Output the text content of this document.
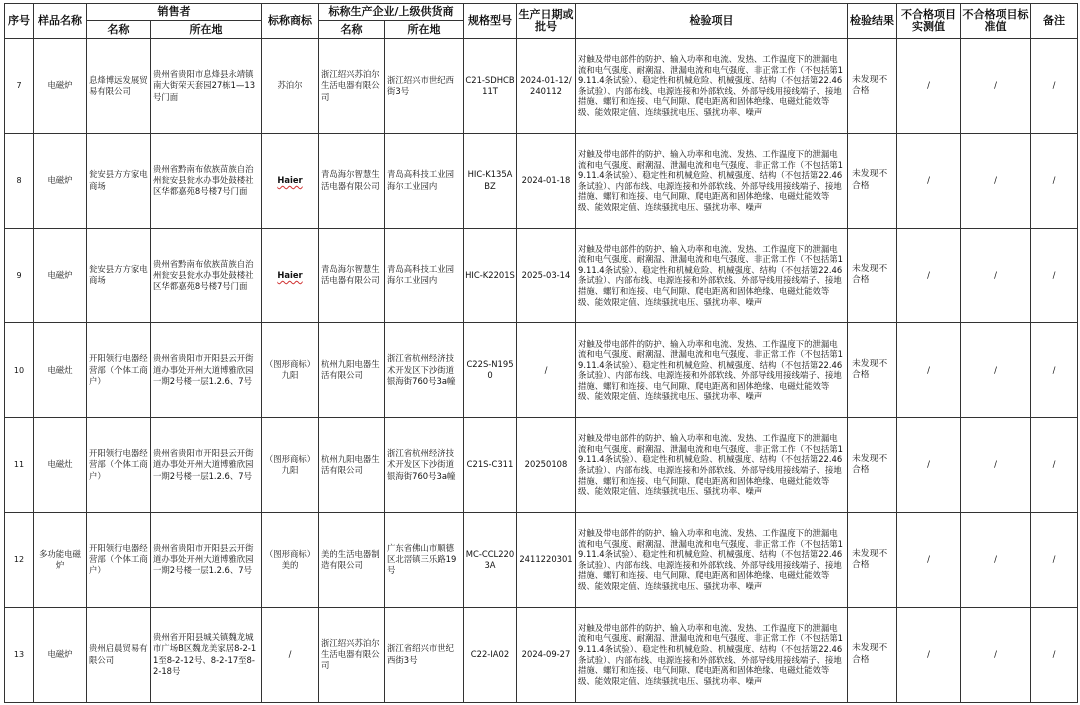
序号	样品名称	销售者		标称商标	标称生产企业/上级供货商		规格型号	生产日期或批号	检验项目	检验结果	不合格项目实测值	不合格项目标准值	备注
		名称	所在地		名称	所在地							
7	电磁炉	息烽博远发展贸易有限公司	贵州省贵阳市息烽县永靖镇南大街荣天套园27栋1—13号门面	苏泊尔	浙江绍兴苏泊尔生活电器有限公司	浙江绍兴市世纪西街3号	C21-SDHCB11T	2024-01-12/240112	对触及带电部件的防护、输入功率和电流、发热、工作温度下的泄漏电流和电气强度、耐潮湿、泄漏电流和电气强度、非正常工作（不包括第19.11.4条试验）、稳定性和机械危险、机械强度、结构（不包括第22.46条试验）、内部布线、电源连接和外部软线、外部导线用接线端子、接地措施、螺钉和连接、电气间隙、爬电距离和固体绝缘、电磁灶能效等级、能效限定值、连续骚扰电压、骚扰功率、噪声	未发现不合格	/	/	/
8	电磁炉	瓮安县方方家电商场	贵州省黔南布依族苗族自治州瓮安县瓮水办事处鼓楼社区华都嘉苑8号楼7号门面	Haier	青岛海尔智慧生活电器有限公司	青岛高科技工业园海尔工业园内	HIC-K135ABZ	2024-01-18	对触及带电部件的防护、输入功率和电流、发热、工作温度下的泄漏电流和电气强度、耐潮湿、泄漏电流和电气强度、非正常工作（不包括第19.11.4条试验）、稳定性和机械危险、机械强度、结构（不包括第22.46条试验）、内部布线、电源连接和外部软线、外部导线用接线端子、接地措施、螺钉和连接、电气间隙、爬电距离和固体绝缘、电磁灶能效等级、能效限定值、连续骚扰电压、骚扰功率、噪声	未发现不合格	/	/	/
9	电磁炉	瓮安县方方家电商场	贵州省黔南布依族苗族自治州瓮安县瓮水办事处鼓楼社区华都嘉苑8号楼7号门面	Haier	青岛海尔智慧生活电器有限公司	青岛高科技工业园海尔工业园内	HIC-K2201S	2025-03-14	对触及带电部件的防护、输入功率和电流、发热、工作温度下的泄漏电流和电气强度、耐潮湿、泄漏电流和电气强度、非正常工作（不包括第19.11.4条试验）、稳定性和机械危险、机械强度、结构（不包括第22.46条试验）、内部布线、电源连接和外部软线、外部导线用接线端子、接地措施、螺钉和连接、电气间隙、爬电距离和固体绝缘、电磁灶能效等级、能效限定值、连续骚扰电压、骚扰功率、噪声	未发现不合格	/	/	/
10	电磁灶	开阳领行电器经营部（个体工商户）	贵州省贵阳市开阳县云开街道办事处开州大道博雅欣园一期2号楼一层1.2.6、7号	（图形商标）九阳	杭州九阳电器生活有限公司	浙江省杭州经济技术开发区下沙街道银海街760号3a幢	C22S-N1950	/	对触及带电部件的防护、输入功率和电流、发热、工作温度下的泄漏电流和电气强度、耐潮湿、泄漏电流和电气强度、非正常工作（不包括第19.11.4条试验）、稳定性和机械危险、机械强度、结构（不包括第22.46条试验）、内部布线、电源连接和外部软线、外部导线用接线端子、接地措施、螺钉和连接、电气间隙、爬电距离和固体绝缘、电磁灶能效等级、能效限定值、连续骚扰电压、骚扰功率、噪声	未发现不合格	/	/	/
11	电磁灶	开阳领行电器经营部（个体工商户）	贵州省贵阳市开阳县云开街道办事处开州大道博雅欣园一期2号楼一层1.2.6、7号	（图形商标）九阳	杭州九阳电器生活有限公司	浙江省杭州经济技术开发区下沙街道银海街760号3a幢	C21S-C311	20250108	对触及带电部件的防护、输入功率和电流、发热、工作温度下的泄漏电流和电气强度、耐潮湿、泄漏电流和电气强度、非正常工作（不包括第19.11.4条试验）、稳定性和机械危险、机械强度、结构（不包括第22.46条试验）、内部布线、电源连接和外部软线、外部导线用接线端子、接地措施、螺钉和连接、电气间隙、爬电距离和固体绝缘、电磁灶能效等级、能效限定值、连续骚扰电压、骚扰功率、噪声	未发现不合格	/	/	/
12	多功能电磁炉	开阳领行电器经营部（个体工商户）	贵州省贵阳市开阳县云开街道办事处开州大道博雅欣园一期2号楼一层1.2.6、7号	（图形商标）美的	美的生活电器制造有限公司	广东省佛山市顺德区北滘镇三乐路19号	MC-CCL2203A	2411220301	对触及带电部件的防护、输入功率和电流、发热、工作温度下的泄漏电流和电气强度、耐潮湿、泄漏电流和电气强度、非正常工作（不包括第19.11.4条试验）、稳定性和机械危险、机械强度、结构（不包括第22.46条试验）、内部布线、电源连接和外部软线、外部导线用接线端子、接地措施、螺钉和连接、电气间隙、爬电距离和固体绝缘、电磁灶能效等级、能效限定值、连续骚扰电压、骚扰功率、噪声	未发现不合格	/	/	/
13	电磁炉	贵州启晨贸易有限公司	贵州省开阳县城关镇魏龙城市广场B区魏龙美家居8-2-11至8-2-12号、8-2-17至8-2-18号	/	浙江绍兴苏泊尔生活电器有限公司	浙江省绍兴市世纪西街3号	C22-IA02	2024-09-27	对触及带电部件的防护、输入功率和电流、发热、工作温度下的泄漏电流和电气强度、耐潮湿、泄漏电流和电气强度、非正常工作（不包括第19.11.4条试验）、稳定性和机械危险、机械强度、结构（不包括第22.46条试验）、内部布线、电源连接和外部软线、外部导线用接线端子、接地措施、螺钉和连接、电气间隙、爬电距离和固体绝缘、电磁灶能效等级、能效限定值、连续骚扰电压、骚扰功率、噪声	未发现不合格	/	/	/
